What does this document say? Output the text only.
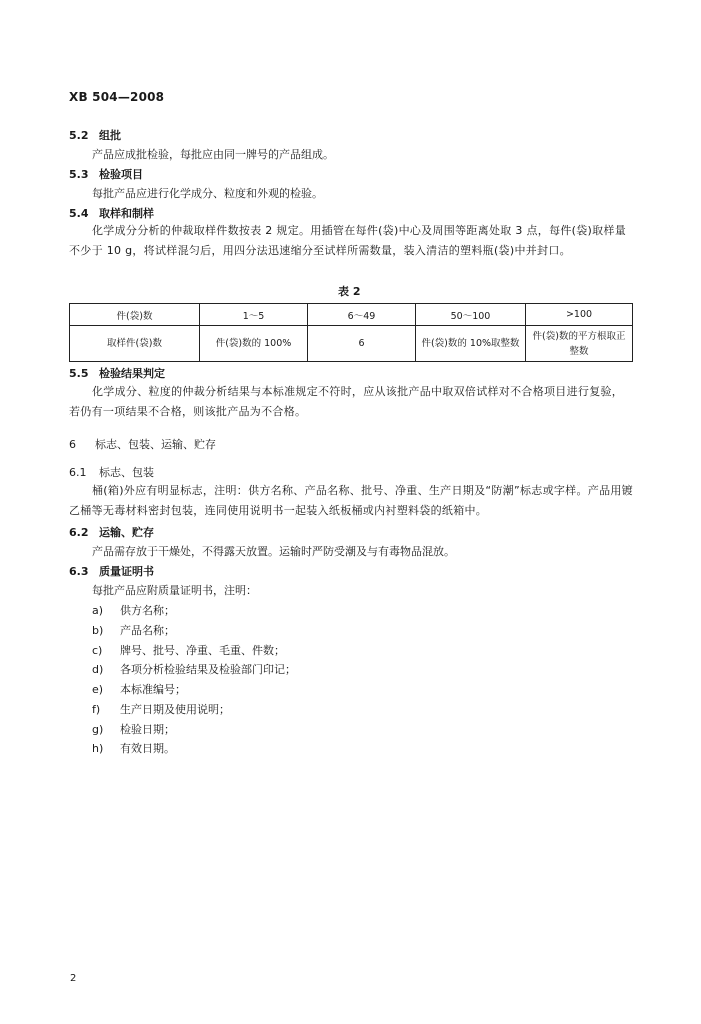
XB 504—2008
5.2 组批
产品应成批检验，每批应由同一牌号的产品组成。
5.3 检验项目
每批产品应进行化学成分、粒度和外观的检验。
5.4 取样和制样
化学成分分析的仲裁取样件数按表 2 规定。用插管在每件(袋)中心及周围等距离处取 3 点，每件(袋)取样量不少于 10 g，将试样混匀后，用四分法迅速缩分至试样所需数量，装入清洁的塑料瓶(袋)中并封口。
表 2
件(袋)数	1～5	6～49	50～100	>100
取样件(袋)数	件(袋)数的 100%	6	件(袋)数的 10%取整数	件(袋)数的平方根取正整数
5.5 检验结果判定
化学成分、粒度的仲裁分析结果与本标准规定不符时，应从该批产品中取双倍试样对不合格项目进行复验，若仍有一项结果不合格，则该批产品为不合格。
6 标志、包装、运输、贮存
6.1 标志、包装
桶(箱)外应有明显标志，注明：供方名称、产品名称、批号、净重、生产日期及“防潮”标志或字样。产品用镀乙桶等无毒材料密封包装，连同使用说明书一起装入纸板桶或内衬塑料袋的纸箱中。
6.2 运输、贮存
产品需存放于干燥处，不得露天放置。运输时严防受潮及与有毒物品混放。
6.3 质量证明书
每批产品应附质量证明书，注明：
a) 供方名称；
b) 产品名称；
c) 牌号、批号、净重、毛重、件数；
d) 各项分析检验结果及检验部门印记；
e) 本标准编号；
f) 生产日期及使用说明；
g) 检验日期；
h) 有效日期。
2
